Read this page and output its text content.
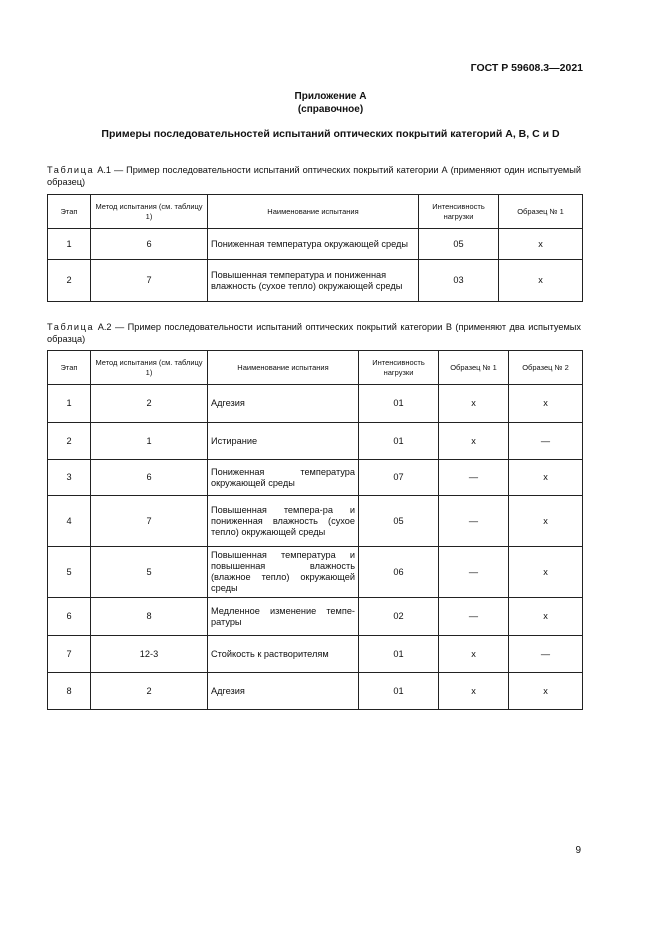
ГОСТ Р 59608.3—2021
Приложение А
(справочное)
Примеры последовательностей испытаний оптических покрытий категорий А, В, С и D
Таблица А.1 — Пример последовательности испытаний оптических покрытий категории А (применяют один испытуемый образец)
Этап	Метод испытания (см. таблицу 1)	Наименование испытания	Интенсивность нагрузки	Образец № 1
1	6	Пониженная температура окружающей среды	05	x
2	7	Повышенная температура и пониженная влажность (сухое тепло) окружающей среды	03	x
Таблица А.2 — Пример последовательности испытаний оптических покрытий категории В (применяют два испытуемых образца)
Этап	Метод испытания (см. таблицу 1)	Наименование испытания	Интенсивность нагрузки	Образец № 1	Образец № 2
1	2	Адгезия	01	x	x
2	1	Истирание	01	x	—
3	6	Пониженная температура окружающей среды	07	—	x
4	7	Повышенная темпера-ра и пониженная влажность (сухое тепло) окружающей среды	05	—	x
5	5	Повышенная температура и повышенная влажность (влажное тепло) окружающей среды	06	—	x
6	8	Медленное изменение темпе-ратуры	02	—	x
7	12-3	Стойкость к растворителям	01	x	—
8	2	Адгезия	01	x	x
9
